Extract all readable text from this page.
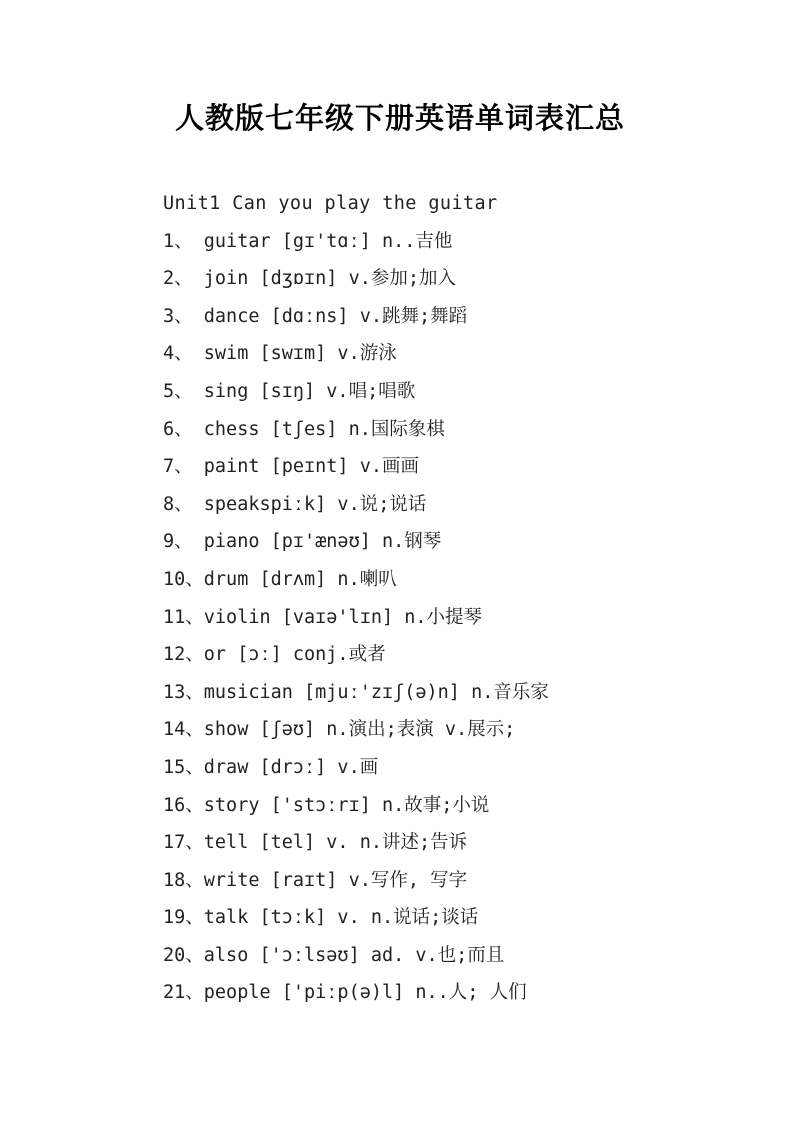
人教版七年级下册英语单词表汇总
Unit1 Can you play the guitar
1、 guitar [gɪ'tɑː] n..吉他
2、 join [dʒɒɪn] v.参加;加入
3、 dance [dɑːns] v.跳舞;舞蹈
4、 swim [swɪm] v.游泳
5、 sing [sɪŋ] v.唱;唱歌
6、 chess [tʃes] n.国际象棋
7、 paint [peɪnt] v.画画
8、 speakspiːk] v.说;说话
9、 piano [pɪ'ænəʊ] n.钢琴
10、drum [drʌm] n.喇叭
11、violin [vaɪə'lɪn] n.小提琴
12、or [ɔː] conj.或者
13、musician [mjuː'zɪʃ(ə)n] n.音乐家
14、show [ʃəʊ] n.演出;表演 v.展示;
15、draw [drɔː] v.画
16、story ['stɔːrɪ] n.故事;小说
17、tell [tel] v. n.讲述;告诉
18、write [raɪt] v.写作, 写字
19、talk [tɔːk] v. n.说话;谈话
20、also ['ɔːlsəʊ] ad. v.也;而且
21、people ['piːp(ə)l] n..人; 人们
